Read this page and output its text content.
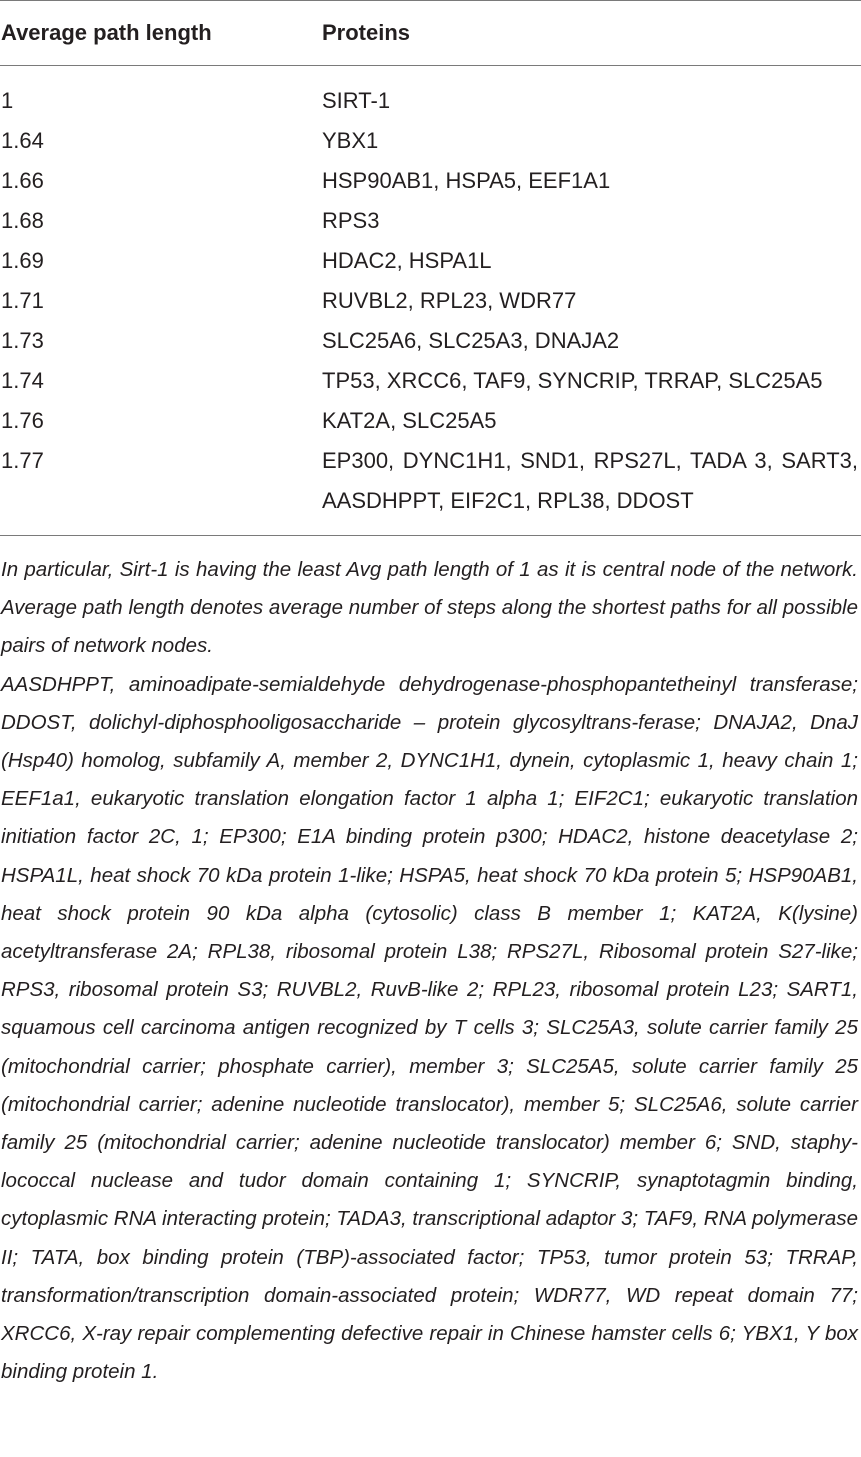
Average path length	Proteins
1	SIRT-1
1.64	YBX1
1.66	HSP90AB1, HSPA5, EEF1A1
1.68	RPS3
1.69	HDAC2, HSPA1L
1.71	RUVBL2, RPL23, WDR77
1.73	SLC25A6, SLC25A3, DNAJA2
1.74	TP53, XRCC6, TAF9, SYNCRIP, TRRAP, SLC25A5
1.76	KAT2A, SLC25A5
1.77	EP300, DYNC1H1, SND1, RPS27L, TADA 3, SART3, AASDHPPT, EIF2C1, RPL38, DDOST

In particular, Sirt-1 is having the least Avg path length of 1 as it is central node of the network. Average path length denotes average number of steps along the shortest paths for all possible pairs of network nodes.

AASDHPPT, aminoadipate-semialdehyde dehydrogenase-phosphopantetheinyl transferase; DDOST, dolichyl-diphosphooligosaccharide – protein glycosyltrans-ferase; DNAJA2, DnaJ (Hsp40) homolog, subfamily A, member 2, DYNC1H1, dynein, cytoplasmic 1, heavy chain 1; EEF1a1, eukaryotic translation elongation factor 1 alpha 1; EIF2C1; eukaryotic translation initiation factor 2C, 1; EP300; E1A binding protein p300; HDAC2, histone deacetylase 2; HSPA1L, heat shock 70 kDa protein 1-like; HSPA5, heat shock 70 kDa protein 5; HSP90AB1, heat shock protein 90 kDa alpha (cytosolic) class B member 1; KAT2A, K(lysine) acetyltransferase 2A; RPL38, ribosomal protein L38; RPS27L, Ribosomal protein S27-like; RPS3, ribosomal protein S3; RUVBL2, RuvB-like 2; RPL23, ribosomal protein L23; SART1, squamous cell carcinoma antigen recognized by T cells 3; SLC25A3, solute carrier family 25 (mitochondrial carrier; phosphate carrier), member 3; SLC25A5, solute carrier family 25 (mitochondrial carrier; adenine nucleotide translocator), member 5; SLC25A6, solute carrier family 25 (mitochondrial carrier; adenine nucleotide translocator) member 6; SND, staphy-lococcal nuclease and tudor domain containing 1; SYNCRIP, synaptotagmin binding, cytoplasmic RNA interacting protein; TADA3, transcriptional adaptor 3; TAF9, RNA polymerase II; TATA, box binding protein (TBP)-associated factor; TP53, tumor protein 53; TRRAP, transformation/transcription domain-associated protein; WDR77, WD repeat domain 77; XRCC6, X-ray repair complementing defective repair in Chinese hamster cells 6; YBX1, Y box binding protein 1.
